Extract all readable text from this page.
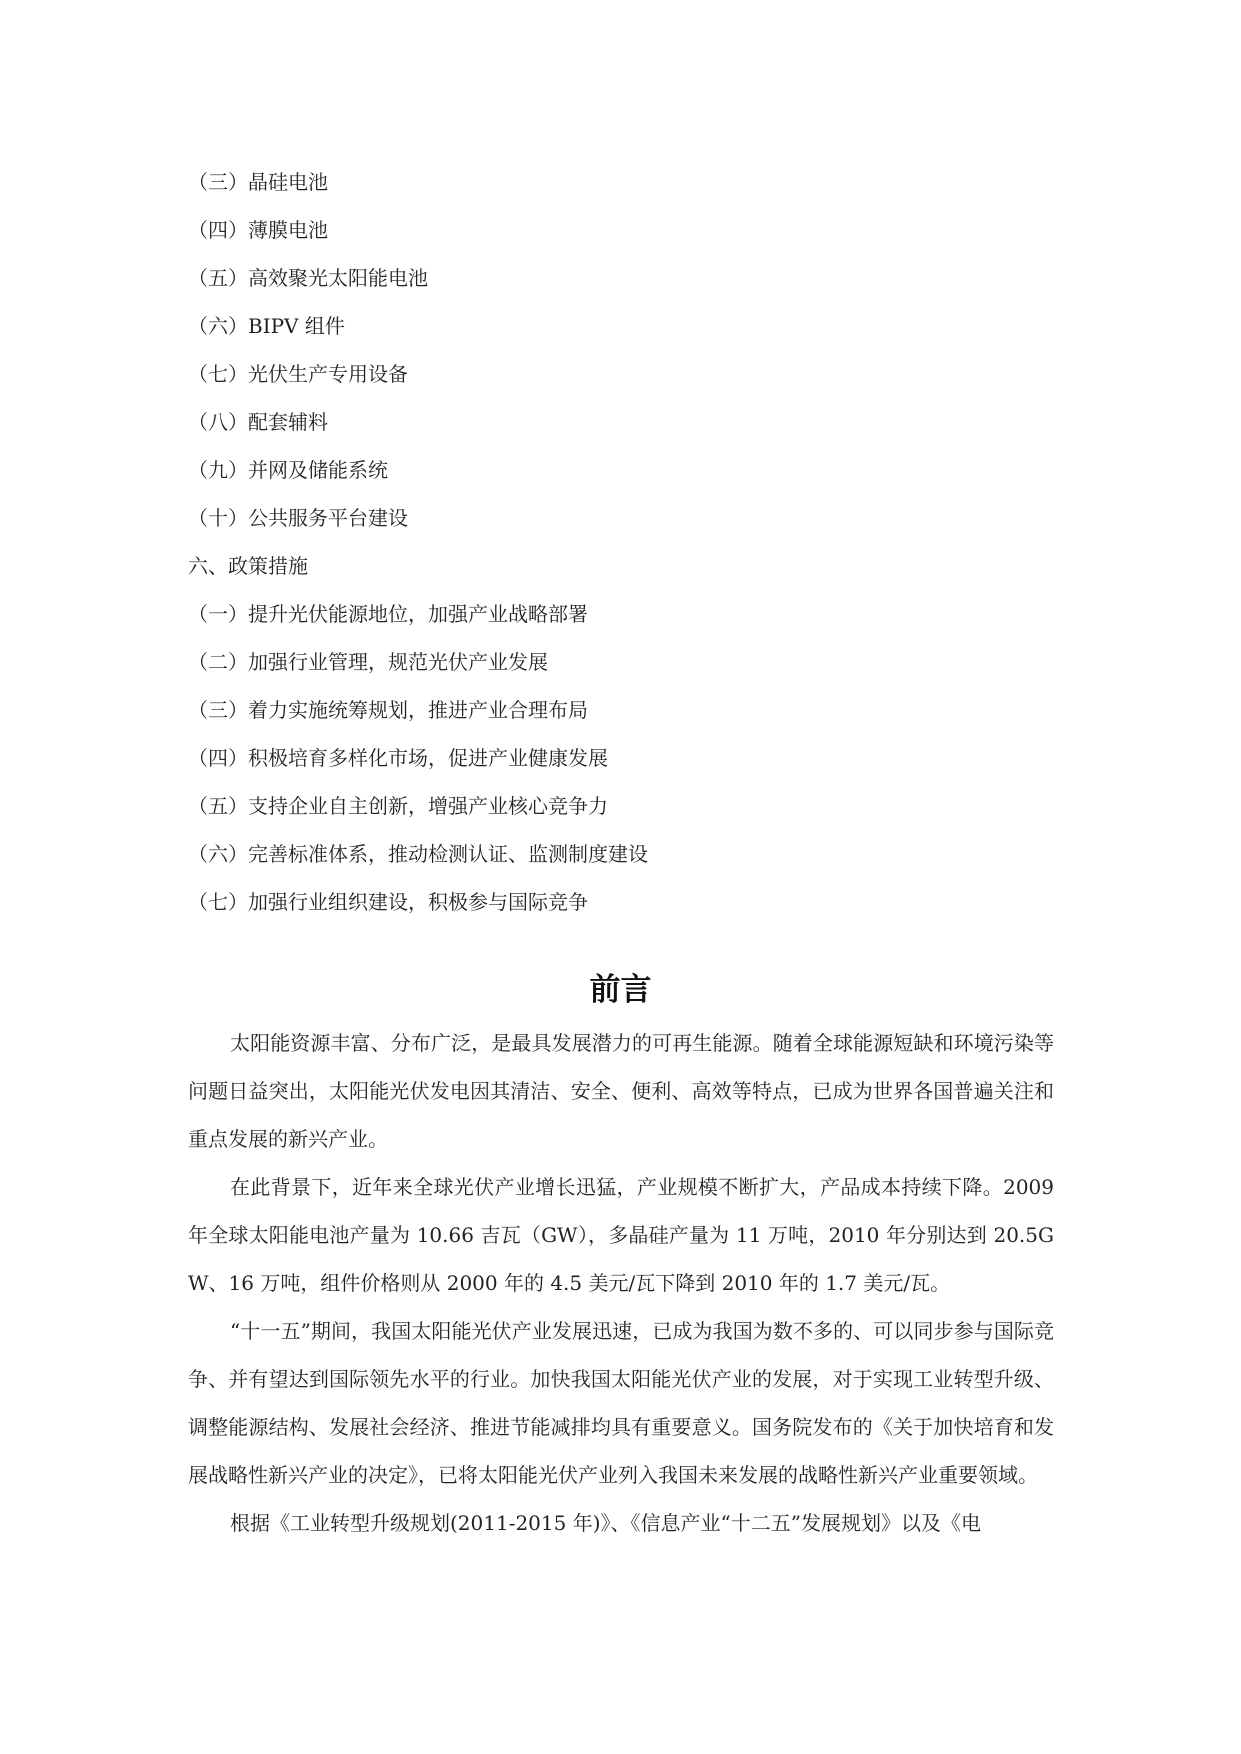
（三）晶硅电池
（四）薄膜电池
（五）高效聚光太阳能电池
（六）BIPV 组件
（七）光伏生产专用设备
（八）配套辅料
（九）并网及储能系统
（十）公共服务平台建设
六、政策措施
（一）提升光伏能源地位，加强产业战略部署
（二）加强行业管理，规范光伏产业发展
（三）着力实施统筹规划，推进产业合理布局
（四）积极培育多样化市场，促进产业健康发展
（五）支持企业自主创新，增强产业核心竞争力
（六）完善标准体系，推动检测认证、监测制度建设
（七）加强行业组织建设，积极参与国际竞争
前言

太阳能资源丰富、分布广泛，是最具发展潜力的可再生能源。随着全球能源短缺和环境污染等问题日益突出，太阳能光伏发电因其清洁、安全、便利、高效等特点，已成为世界各国普遍关注和重点发展的新兴产业。

在此背景下，近年来全球光伏产业增长迅猛，产业规模不断扩大，产品成本持续下降。2009 年全球太阳能电池产量为 10.66 吉瓦（GW），多晶硅产量为 11 万吨，2010 年分别达到 20.5GW、16 万吨，组件价格则从 2000 年的 4.5 美元/瓦下降到 2010 年的 1.7 美元/瓦。

“十一五”期间，我国太阳能光伏产业发展迅速，已成为我国为数不多的、可以同步参与国际竞争、并有望达到国际领先水平的行业。加快我国太阳能光伏产业的发展，对于实现工业转型升级、调整能源结构、发展社会经济、推进节能减排均具有重要意义。国务院发布的《关于加快培育和发展战略性新兴产业的决定》，已将太阳能光伏产业列入我国未来发展的战略性新兴产业重要领域。

根据《工业转型升级规划(2011-2015 年)》、《信息产业“十二五”发展规划》以及《电
